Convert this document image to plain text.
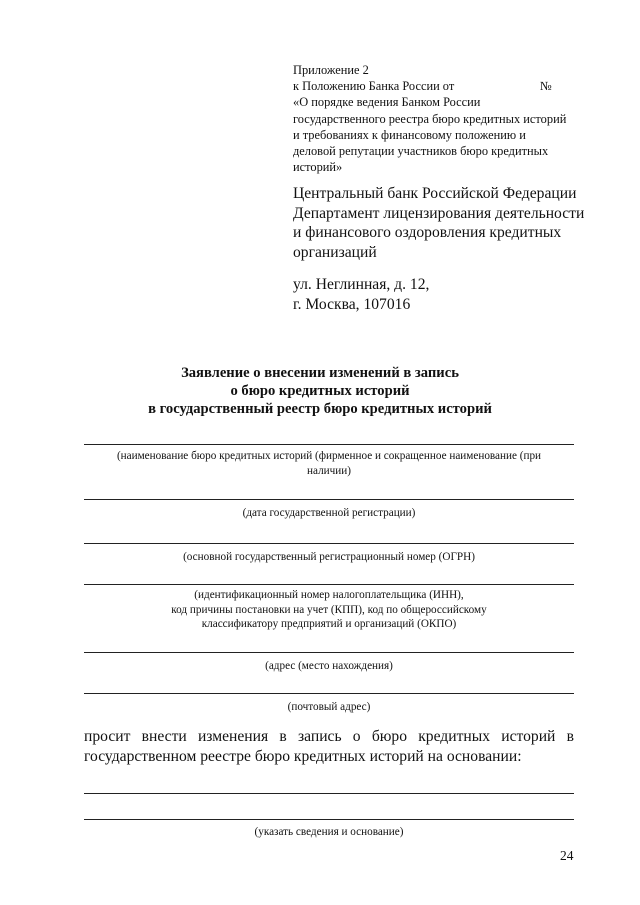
Приложение 2
к Положению Банка России от	№
«О порядке ведения Банком России
государственного реестра бюро кредитных историй
и требованиях к финансовому положению и
деловой репутации участников бюро кредитных
историй»
Центральный банк Российской Федерации
Департамент лицензирования деятельности
и финансового оздоровления кредитных
организаций
ул. Неглинная, д. 12,
г. Москва, 107016
Заявление о внесении изменений в запись
о бюро кредитных историй
в государственный реестр бюро кредитных историй
(наименование бюро кредитных историй (фирменное и сокращенное наименование (при
наличии)
(дата государственной регистрации)
(основной государственный регистрационный номер (ОГРН)
(идентификационный номер налогоплательщика (ИНН),
код причины постановки на учет (КПП), код по общероссийскому
классификатору предприятий и организаций (ОКПО)
(адрес (место нахождения)
(почтовый адрес)
просит внести изменения в запись о бюро кредитных историй в
государственном реестре бюро кредитных историй на основании:
(указать сведения и основание)
24
